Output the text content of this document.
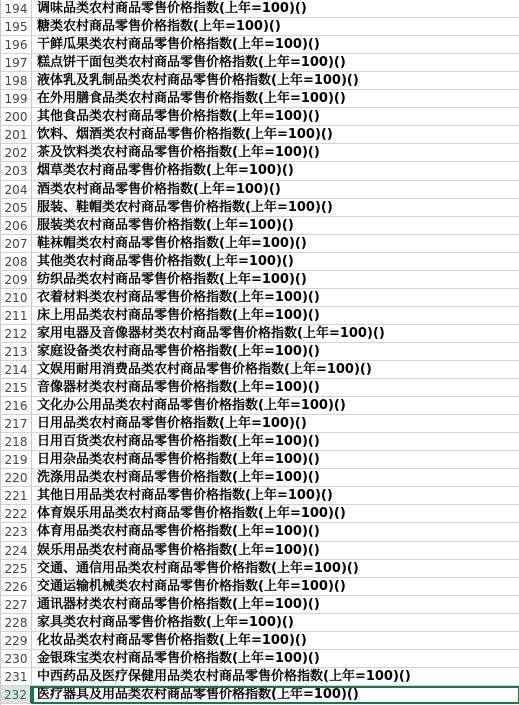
194 调味品类农村商品零售价格指数(上年=100)()
195 糖类农村商品零售价格指数(上年=100)()
196 干鲜瓜果类农村商品零售价格指数(上年=100)()
197 糕点饼干面包类农村商品零售价格指数(上年=100)()
198 液体乳及乳制品类农村商品零售价格指数(上年=100)()
199 在外用膳食品类农村商品零售价格指数(上年=100)()
200 其他食品类农村商品零售价格指数(上年=100)()
201 饮料、烟酒类农村商品零售价格指数(上年=100)()
202 茶及饮料类农村商品零售价格指数(上年=100)()
203 烟草类农村商品零售价格指数(上年=100)()
204 酒类农村商品零售价格指数(上年=100)()
205 服装、鞋帽类农村商品零售价格指数(上年=100)()
206 服装类农村商品零售价格指数(上年=100)()
207 鞋袜帽类农村商品零售价格指数(上年=100)()
208 其他类农村商品零售价格指数(上年=100)()
209 纺织品类农村商品零售价格指数(上年=100)()
210 衣着材料类农村商品零售价格指数(上年=100)()
211 床上用品类农村商品零售价格指数(上年=100)()
212 家用电器及音像器材类农村商品零售价格指数(上年=100)()
213 家庭设备类农村商品零售价格指数(上年=100)()
214 文娱用耐用消费品类农村商品零售价格指数(上年=100)()
215 音像器材类农村商品零售价格指数(上年=100)()
216 文化办公用品类农村商品零售价格指数(上年=100)()
217 日用品类农村商品零售价格指数(上年=100)()
218 日用百货类农村商品零售价格指数(上年=100)()
219 日用杂品类农村商品零售价格指数(上年=100)()
220 洗涤用品类农村商品零售价格指数(上年=100)()
221 其他日用品类农村商品零售价格指数(上年=100)()
222 体育娱乐用品类农村商品零售价格指数(上年=100)()
223 体育用品类农村商品零售价格指数(上年=100)()
224 娱乐用品类农村商品零售价格指数(上年=100)()
225 交通、通信用品类农村商品零售价格指数(上年=100)()
226 交通运输机械类农村商品零售价格指数(上年=100)()
227 通讯器材类农村商品零售价格指数(上年=100)()
228 家具类农村商品零售价格指数(上年=100)()
229 化妆品类农村商品零售价格指数(上年=100)()
230 金银珠宝类农村商品零售价格指数(上年=100)()
231 中西药品及医疗保健用品类农村商品零售价格指数(上年=100)()
232 医疗器具及用品类农村商品零售价格指数(上年=100)()
